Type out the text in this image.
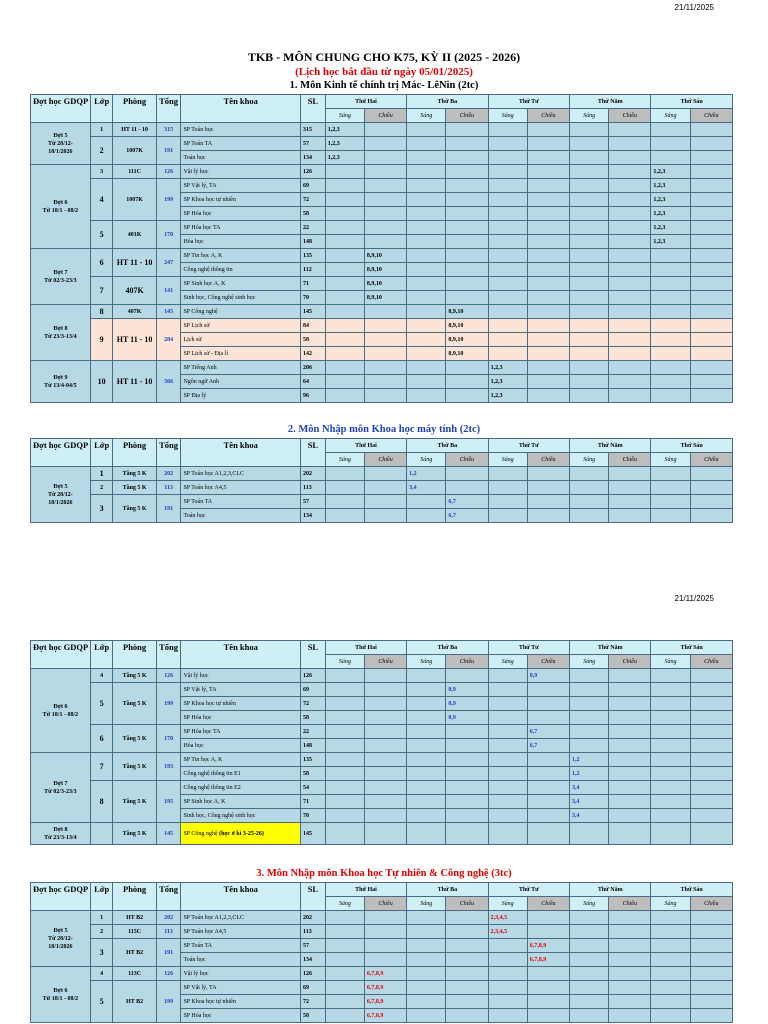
21/11/2025
TKB - MÔN CHUNG CHO K75, KỲ II (2025 - 2026)
(Lịch học bắt đầu từ ngày 05/01/2025)
21/11/2025
1. Môn Kinh tế chính trị Mác- LêNin (2tc)
Đợt học GDQP	Lớp	Phòng	Tổng	Tên khoa	SL	Thứ Hai		Thứ Ba		Thứ Tư		Thứ Năm		Thứ Sáu	
						Sáng	Chiều	Sáng	Chiều	Sáng	Chiều	Sáng	Chiều	Sáng	Chiều
Đợt 5
Từ 28/12-
18/1/2026	1	HT 11 - 10	315	SP Toán học	315	1,2,3									
	2	1007K	191	SP Toán TA	57	1,2,3									
				Toán học	134	1,2,3									
Đợt 6
Từ 18/1 - 08/2	3	111C	126	Vật lý học	126									1,2,3	
	4	1007K	199	SP Vật lý, TA	69									1,2,3	
				SP Khoa học tự nhiên	72									1,2,3	
				SP Hóa học	58									1,2,3	
	5	401K	170	SP Hóa học TA	22									1,2,3	
				Hóa học	148									1,2,3	
Đợt 7
Từ 02/3-23/3	6	HT 11 - 10	247	SP Tin học A, K	135		8,9,10								
				Công nghệ thông tin	112		8,9,10								
	7	407K	141	SP Sinh học A, K	71		8,9,10								
				Sinh học, Công nghệ sinh học	70		8,9,10								
Đợt 8
Từ 23/3-13/4	8	407K	145	SP Công nghệ	145				8,9,10						
	9	HT 11 - 10	284	SP Lịch sử	84				8,9,10						
				Lịch sử	58				8,9,10						
				SP Lịch sử - Địa lí	142				8,9,10						
Đợt 9
Từ 13/4-04/5	10	HT 11 - 10	366	SP Tiếng Anh	206					1,2,3					
				Ngôn ngữ Anh	64					1,2,3					
				SP Địa lý	96					1,2,3					
2. Môn Nhập môn Khoa học máy tính (2tc)
Đợt học GDQP	Lớp	Phòng	Tổng	Tên khoa	SL	Thứ Hai		Thứ Ba		Thứ Tư		Thứ Năm		Thứ Sáu	
						Sáng	Chiều	Sáng	Chiều	Sáng	Chiều	Sáng	Chiều	Sáng	Chiều
Đợt 5
Từ 28/12-
18/1/2026	1	Tầng 5 K	202	SP Toán học A1,2,3,CLC	202			1,2							
	2	Tầng 5 K	113	SP Toán học A4,5	113			3,4							
	3	Tầng 5 K	191	SP Toán TA	57				6,7						
				Toán học	134				6,7						
Đợt học GDQP	Lớp	Phòng	Tổng	Tên khoa	SL	Thứ Hai		Thứ Ba		Thứ Tư		Thứ Năm		Thứ Sáu	
						Sáng	Chiều	Sáng	Chiều	Sáng	Chiều	Sáng	Chiều	Sáng	Chiều
Đợt 6
Từ 18/1 - 08/2	4	Tầng 5 K	126	Vật lý học	126						8,9				
	5	Tầng 5 K	199	SP Vật lý, TA	69				8,9						
				SP Khoa học tự nhiên	72				8,9						
				SP Hóa học	58				8,9						
	6	Tầng 5 K	170	SP Hóa học TA	22						6,7				
				Hóa học	148						6,7				
Đợt 7
Từ 02/3-23/3	7	Tầng 5 K	193	SP Tin học A, K	135							1,2			
				Công nghệ thông tin E1	58							1,2			
	8	Tầng 5 K	195	Công nghệ thông tin E2	54							3,4			
				SP Sinh học A, K	71							3,4			
				Sinh học, Công nghệ sinh học	70							3,4			
Đợt 8
Từ 23/3-13/4		Tầng 5 K	145	SP Công nghệ (học ở kì 3-25-26)	145										
3. Môn Nhập môn Khoa học Tự nhiên & Công nghệ (3tc)
Đợt học GDQP	Lớp	Phòng	Tổng	Tên khoa	SL	Thứ Hai		Thứ Ba		Thứ Tư		Thứ Năm		Thứ Sáu	
						Sáng	Chiều	Sáng	Chiều	Sáng	Chiều	Sáng	Chiều	Sáng	Chiều
Đợt 5
Từ 28/12-
18/1/2026	1	HT B2	202	SP Toán học A1,2,3,CLC	202					2,3,4,5					
	2	115C	113	SP Toán học A4,5	113					2,3,4,5					
	3	HT B2	191	SP Toán TA	57						6,7,8,9				
				Toán học	134						6,7,8,9				
Đợt 6
Từ 18/1 - 08/2	4	113C	126	Vật lý học	126		6,7,8,9								
	5	HT B2	199	SP Vật lý, TA	69		6,7,8,9								
				SP Khoa học tự nhiên	72		6,7,8,9								
				SP Hóa học	58		6,7,8,9								
